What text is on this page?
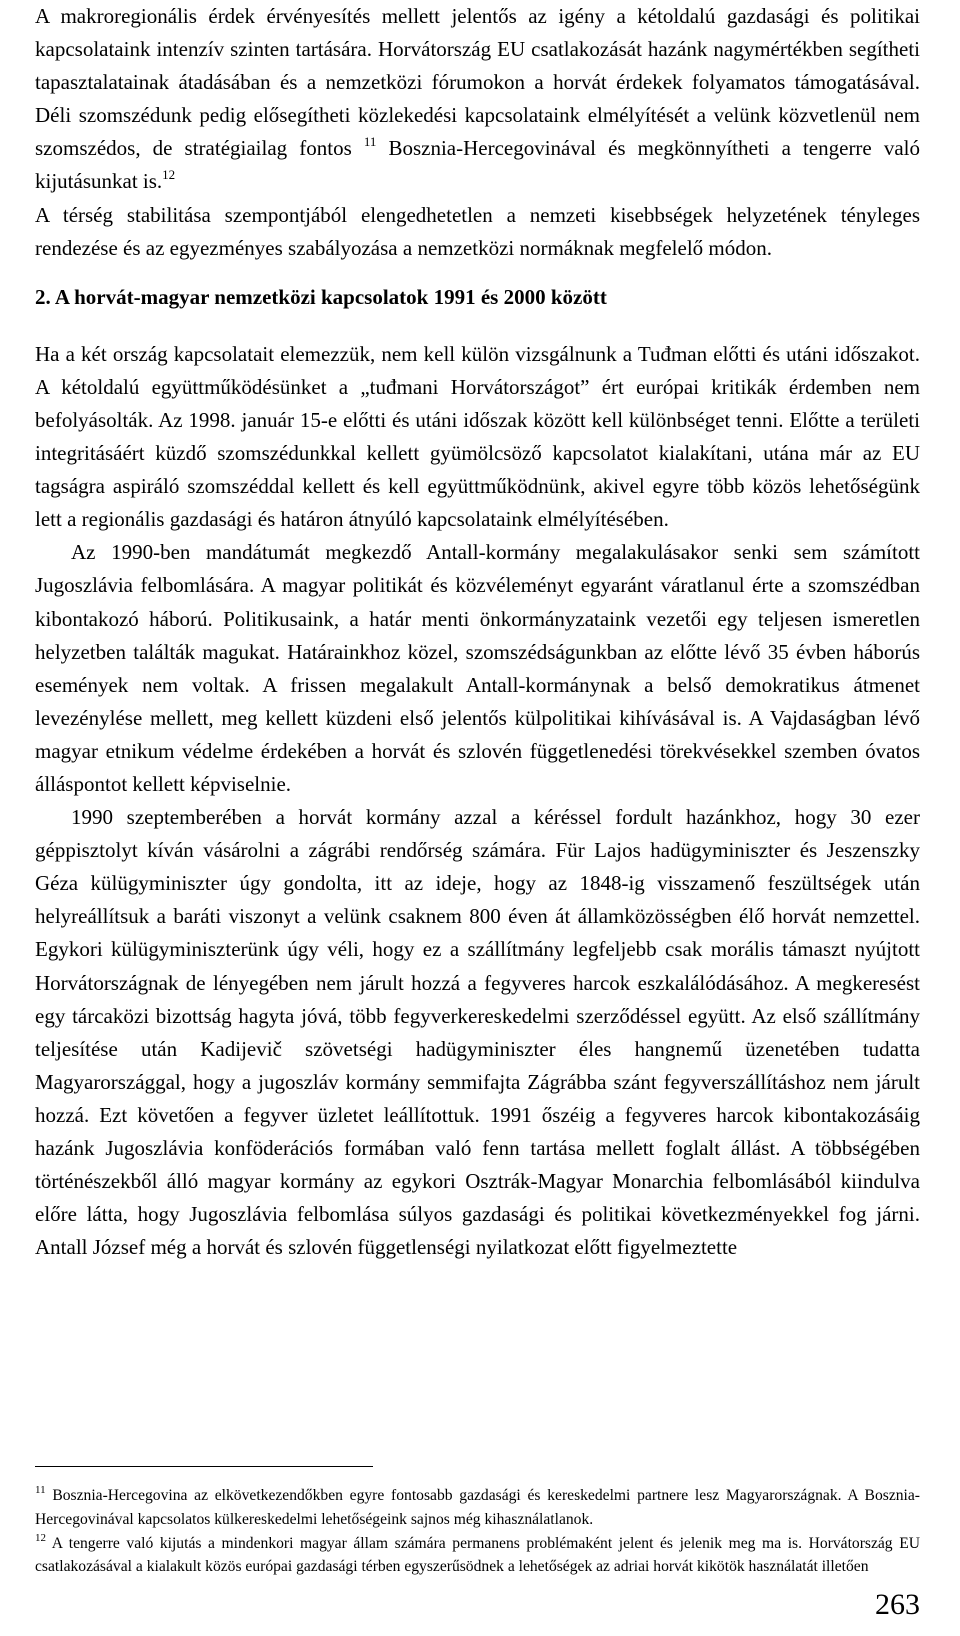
A makroregionális érdek érvényesítés mellett jelentős az igény a kétoldalú gazdasági és politikai kapcsolataink intenzív szinten tartására. Horvátország EU csatlakozását hazánk nagymértékben segítheti tapasztalatainak átadásában és a nemzetközi fórumokon a horvát érdekek folyamatos támogatásával. Déli szomszédunk pedig elősegítheti közlekedési kapcsolataink elmélyítését a velünk közvetlenül nem szomszédos, de stratégiailag fontos $^{11}$ Bosznia-Hercegovinával és megkönnyítheti a tengerre való kijutásunkat is.$^{12}$

A térség stabilitása szempontjából elengedhetetlen a nemzeti kisebbségek helyzetének tényleges rendezése és az egyezményes szabályozása a nemzetközi normáknak megfelelő módon.

2. A horvát-magyar nemzetközi kapcsolatok 1991 és 2000 között

Ha a két ország kapcsolatait elemezzük, nem kell külön vizsgálnunk a Tuđman előtti és utáni időszakot. A kétoldalú együttműködésünket a „tuđmani Horvátországot” ért európai kritikák érdemben nem befolyásolták. Az 1998. január 15-e előtti és utáni időszak között kell különbséget tenni. Előtte a területi integritásáért küzdő szomszédunkkal kellett gyümölcsöző kapcsolatot kialakítani, utána már az EU tagságra aspiráló szomszéddal kellett és kell együttműködnünk, akivel egyre több közös lehetőségünk lett a regionális gazdasági és határon átnyúló kapcsolataink elmélyítésében.

Az 1990-ben mandátumát megkezdő Antall-kormány megalakulásakor senki sem számított Jugoszlávia felbomlására. A magyar politikát és közvéleményt egyaránt váratlanul érte a szomszédban kibontakozó háború. Politikusaink, a határ menti önkormányzataink vezetői egy teljesen ismeretlen helyzetben találták magukat. Határainkhoz közel, szomszédságunkban az előtte lévő 35 évben háborús események nem voltak. A frissen megalakult Antall-kormánynak a belső demokratikus átmenet levezénylése mellett, meg kellett küzdeni első jelentős külpolitikai kihívásával is. A Vajdaságban lévő magyar etnikum védelme érdekében a horvát és szlovén függetlenedési törekvésekkel szemben óvatos álláspontot kellett képviselnie.

1990 szeptemberében a horvát kormány azzal a kéréssel fordult hazánkhoz, hogy 30 ezer géppisztolyt kíván vásárolni a zágrábi rendőrség számára. Für Lajos hadügyminiszter és Jeszenszky Géza külügyminiszter úgy gondolta, itt az ideje, hogy az 1848-ig visszamenő feszültségek után helyreállítsuk a baráti viszonyt a velünk csaknem 800 éven át államközösségben élő horvát nemzettel. Egykori külügyminiszterünk úgy véli, hogy ez a szállítmány legfeljebb csak morális támaszt nyújtott Horvátországnak de lényegében nem járult hozzá a fegyveres harcok eszkalálódásához. A megkeresést egy tárcaközi bizottság hagyta jóvá, több fegyverkereskedelmi szerződéssel együtt. Az első szállítmány teljesítése után Kadijevič szövetségi hadügyminiszter éles hangnemű üzenetében tudatta Magyarországgal, hogy a jugoszláv kormány semmifajta Zágrábba szánt fegyverszállításhoz nem járult hozzá. Ezt követően a fegyver üzletet leállítottuk. 1991 őszéig a fegyveres harcok kibontakozásáig hazánk Jugoszlávia konföderációs formában való fenn tartása mellett foglalt állást. A többségében történészekből álló magyar kormány az egykori Osztrák-Magyar Monarchia felbomlásából kiindulva előre látta, hogy Jugoszlávia felbomlása súlyos gazdasági és politikai következményekkel fog járni. Antall József még a horvát és szlovén függetlenségi nyilatkozat előtt figyelmeztette

$^{11}$ Bosznia-Hercegovina az elkövetkezendőkben egyre fontosabb gazdasági és kereskedelmi partnere lesz Magyarországnak. A Bosznia-Hercegovinával kapcsolatos külkereskedelmi lehetőségeink sajnos még kihasználatlanok.

$^{12}$ A tengerre való kijutás a mindenkori magyar állam számára permanens problémaként jelent és jelenik meg ma is. Horvátország EU csatlakozásával a kialakult közös európai gazdasági térben egyszerűsödnek a lehetőségek az adriai horvát kikötök használatát illetően

263
